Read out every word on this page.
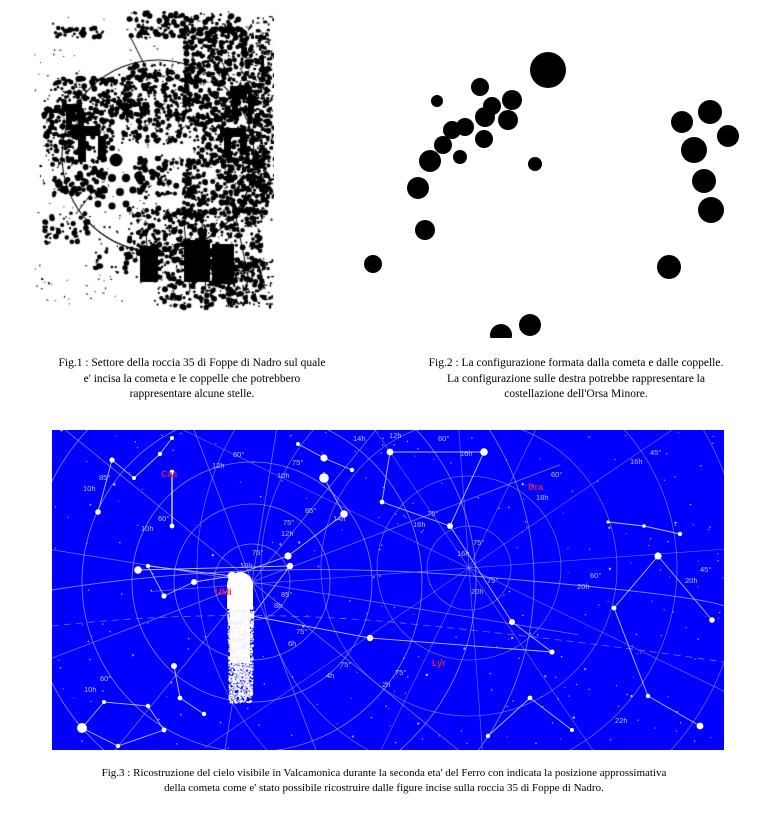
Fig.1 : Settore della roccia 35 di Foppe di Nadro sul quale
e' incisa la cometa e le coppelle che potrebbero
rappresentare alcune stelle.
Fig.2 : La configurazione formata dalla cometa e dalle coppelle.
La configurazione sulle destra potrebbe rappresentare la
costellazione dell'Orsa Minore.
14h
12h
60°
85°
10h
14h
75°
85°
60°
10h
12h
75°
10h
12h
75°
10h
85°
8h
75°
6h
75°
4h	75°
2h
60°
10h
60°
16h	45°
16h
75°
16h
75°
16h
60°
18h
75°
20h
60°
20h
45°
20h
22h
Cas
UMi
Dra
Lyr
Fig.3 : Ricostruzione del cielo visibile in Valcamonica durante la seconda eta' del Ferro con indicata la posizione approssimativa
della cometa come e' stato possibile ricostruire dalle figure incise sulla roccia 35 di Foppe di Nadro.
